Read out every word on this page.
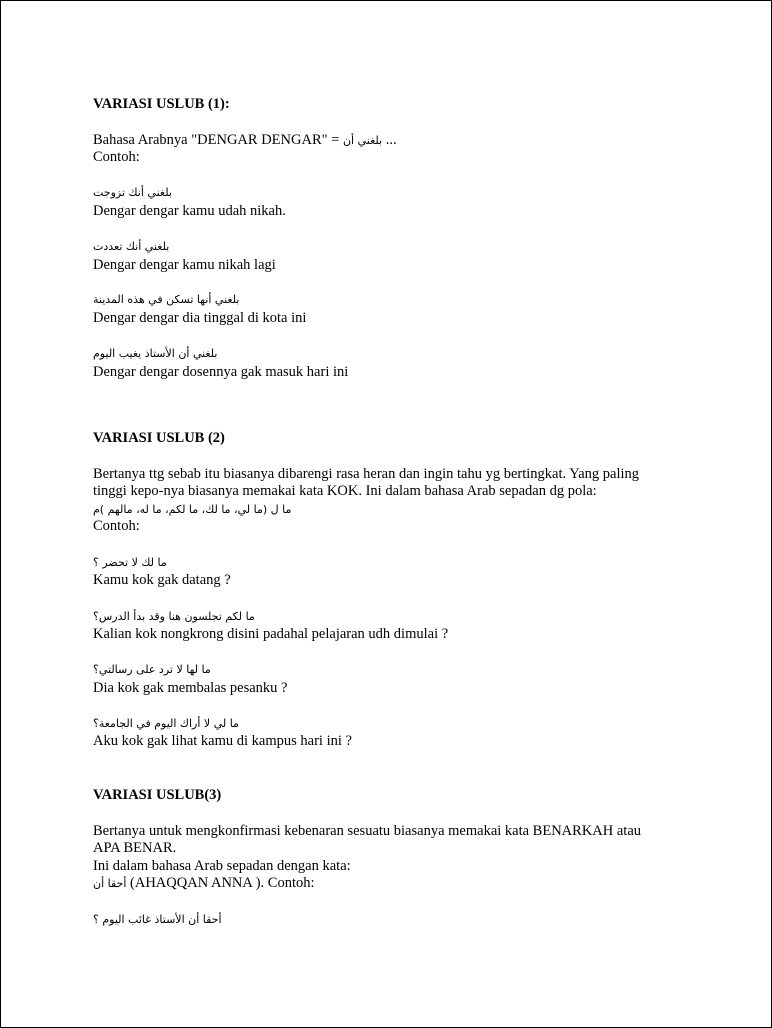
VARIASI USLUB (1):
Bahasa Arabnya "DENGAR DENGAR" = بلغني أن ...
Contoh:
بلغني أنك تزوجت
Dengar dengar kamu udah nikah.
بلغني أنك تعددت
Dengar dengar kamu nikah lagi
بلغني أنها تسكن في هذه المدينة
Dengar dengar dia tinggal di kota ini
بلغني أن الأستاذ يغيب اليوم
Dengar dengar dosennya gak masuk hari ini
VARIASI USLUB (2)
Bertanya ttg sebab itu biasanya dibarengi rasa heran dan ingin tahu yg bertingkat. Yang paling
tinggi kepo-nya biasanya memakai kata KOK. Ini dalam bahasa Arab sepadan dg pola:
ما ل (ما لي، ما لك، ما لكم، ما له، مالهم )م
Contoh:
ما لك لا تحضر ؟
Kamu kok gak datang ?
ما لكم تجلسون هنا وقد بدأ الدرس؟
Kalian kok nongkrong disini padahal pelajaran udh dimulai ?
ما لها لا ترد على رسالتي؟
Dia kok gak membalas pesanku ?
ما لي لا أراك اليوم في الجامعة؟
Aku kok gak lihat kamu di kampus hari ini ?
VARIASI USLUB(3)
Bertanya untuk mengkonfirmasi kebenaran sesuatu biasanya memakai kata BENARKAH atau
APA BENAR.
Ini dalam bahasa Arab sepadan dengan kata:
أحقا أن (AHAQQAN ANNA ). Contoh:
أحقا أن الأستاذ غائب اليوم ؟
